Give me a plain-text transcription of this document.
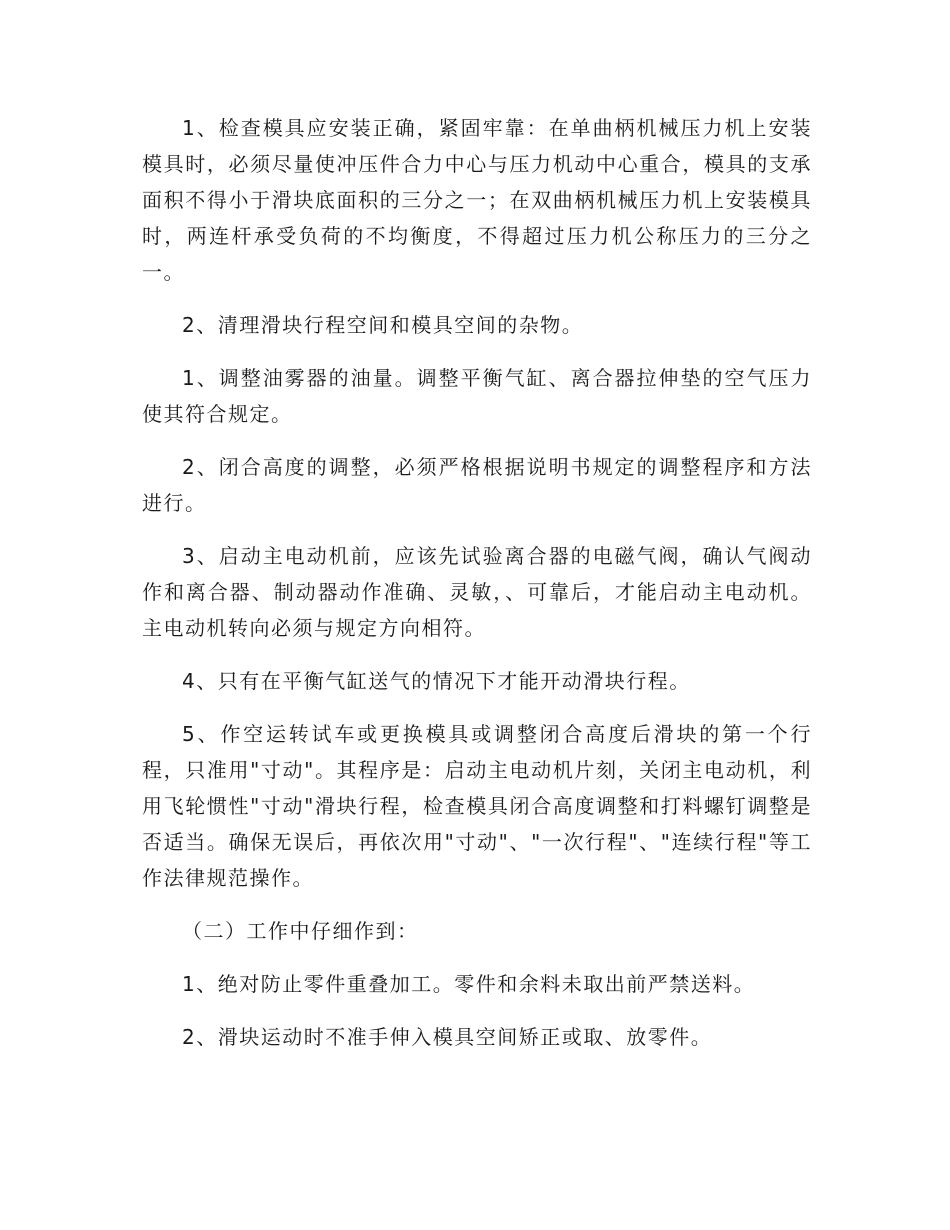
1、检查模具应安装正确，紧固牢靠：在单曲柄机械压力机上安装模具时，必须尽量使冲压件合力中心与压力机动中心重合，模具的支承面积不得小于滑块底面积的三分之一；在双曲柄机械压力机上安装模具时，两连杆承受负荷的不均衡度，不得超过压力机公称压力的三分之一。

2、清理滑块行程空间和模具空间的杂物。

1、调整油雾器的油量。调整平衡气缸、离合器拉伸垫的空气压力使其符合规定。

2、闭合高度的调整，必须严格根据说明书规定的调整程序和方法进行。

3、启动主电动机前，应该先试验离合器的电磁气阀，确认气阀动作和离合器、制动器动作准确、灵敏，、可靠后，才能启动主电动机。主电动机转向必须与规定方向相符。

4、只有在平衡气缸送气的情况下才能开动滑块行程。

5、作空运转试车或更换模具或调整闭合高度后滑块的第一个行程，只准用"寸动"。其程序是：启动主电动机片刻，关闭主电动机，利用飞轮惯性"寸动"滑块行程，检查模具闭合高度调整和打料螺钉调整是否适当。确保无误后，再依次用"寸动"、"一次行程"、"连续行程"等工作法律规范操作。

（二）工作中仔细作到：

1、绝对防止零件重叠加工。零件和余料未取出前严禁送料。

2、滑块运动时不准手伸入模具空间矫正或取、放零件。
